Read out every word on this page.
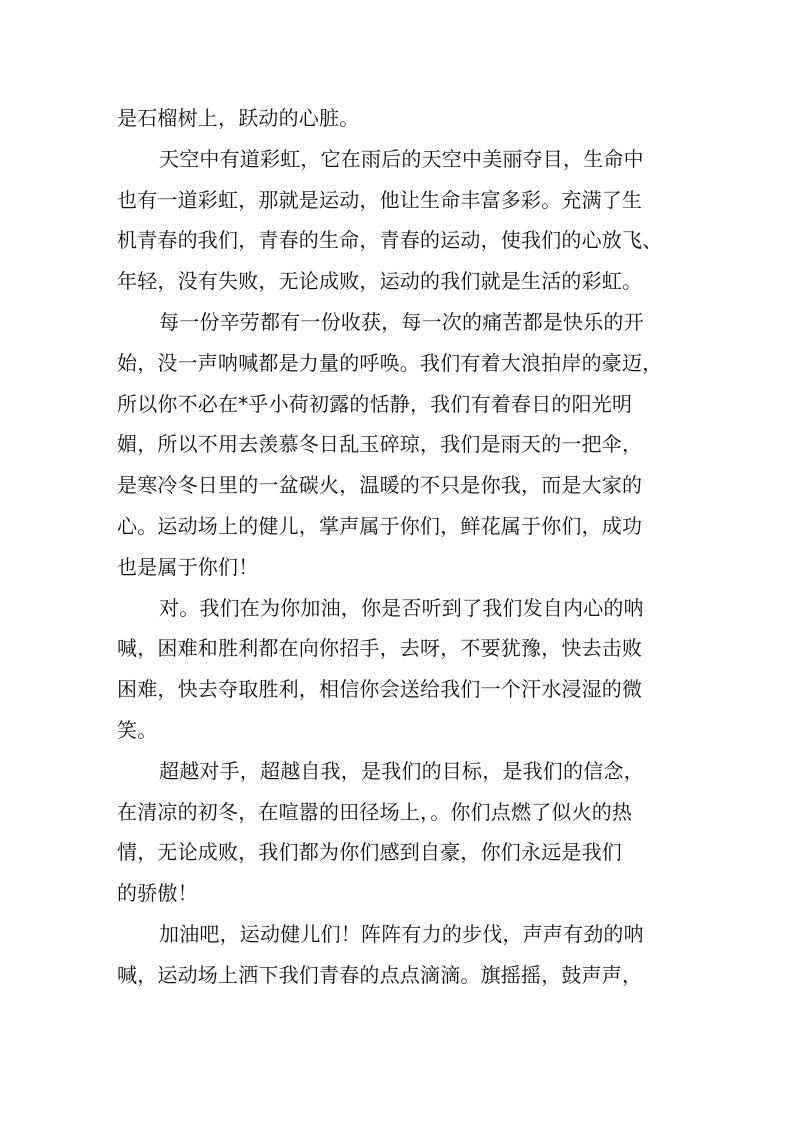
是石榴树上，跃动的心脏。
天空中有道彩虹，它在雨后的天空中美丽夺目，生命中
也有一道彩虹，那就是运动，他让生命丰富多彩。充满了生
机青春的我们，青春的生命，青春的运动，使我们的心放飞、
年轻，没有失败，无论成败，运动的我们就是生活的彩虹。
每一份辛劳都有一份收获，每一次的痛苦都是快乐的开
始，没一声呐喊都是力量的呼唤。我们有着大浪拍岸的豪迈，
所以你不必在*乎小荷初露的恬静，我们有着春日的阳光明
媚，所以不用去羡慕冬日乱玉碎琼，我们是雨天的一把伞，
是寒冷冬日里的一盆碳火，温暖的不只是你我，而是大家的
心。运动场上的健儿，掌声属于你们，鲜花属于你们，成功
也是属于你们！
对。我们在为你加油，你是否听到了我们发自内心的呐
喊，困难和胜利都在向你招手，去呀，不要犹豫，快去击败
困难，快去夺取胜利，相信你会送给我们一个汗水浸湿的微
笑。
超越对手，超越自我，是我们的目标，是我们的信念，
在清凉的初冬，在喧嚣的田径场上，。你们点燃了似火的热
情，无论成败，我们都为你们感到自豪，你们永远是我们
的骄傲！
加油吧，运动健儿们！阵阵有力的步伐，声声有劲的呐
喊，运动场上洒下我们青春的点点滴滴。旗摇摇，鼓声声，
